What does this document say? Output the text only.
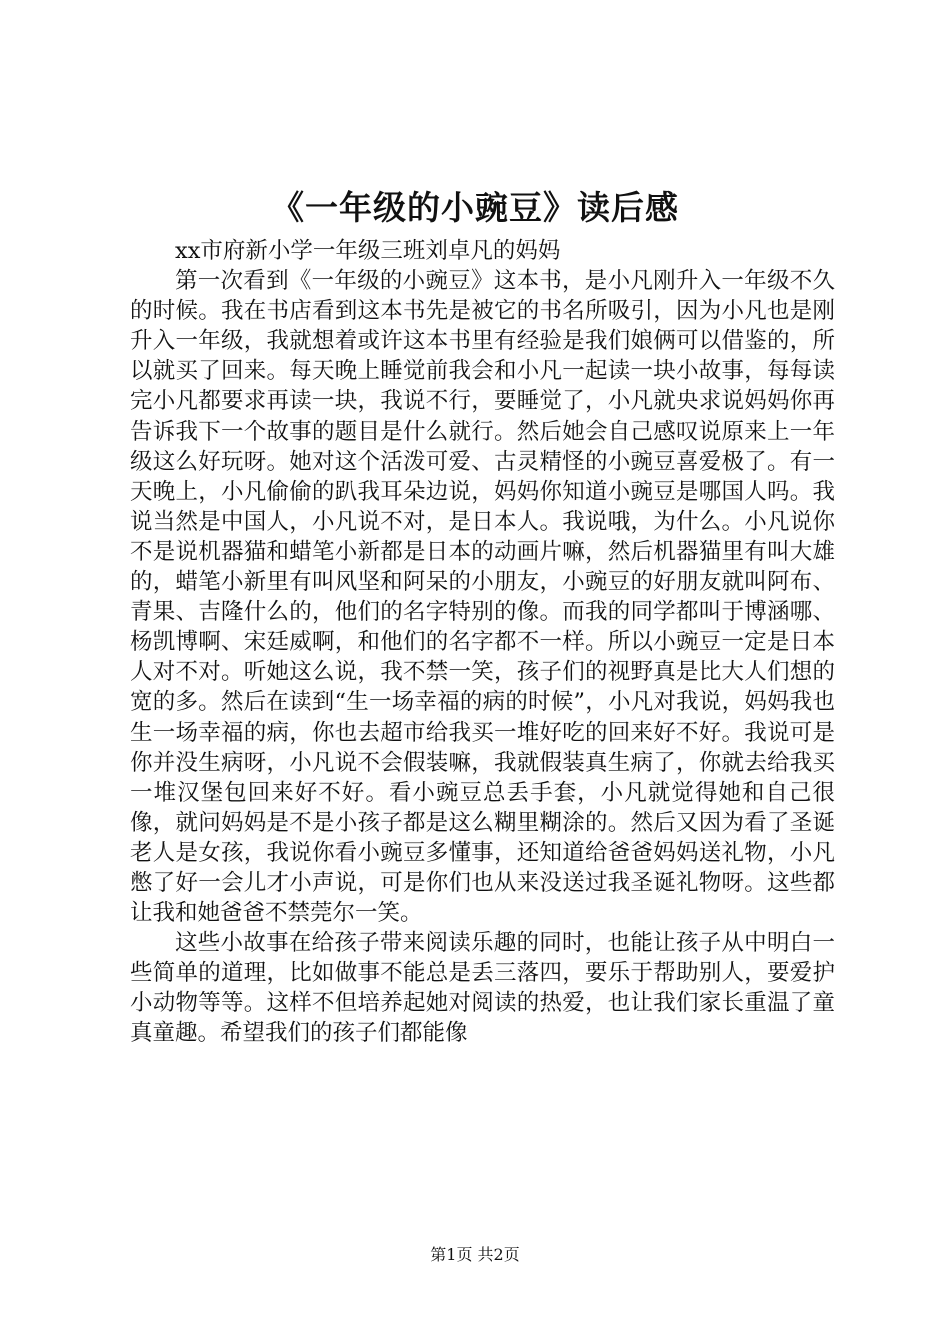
《一年级的小豌豆》读后感

xx市府新小学一年级三班刘卓凡的妈妈

第一次看到《一年级的小豌豆》这本书，是小凡刚升入一年级不久的时候。我在书店看到这本书先是被它的书名所吸引，因为小凡也是刚升入一年级，我就想着或许这本书里有经验是我们娘俩可以借鉴的，所以就买了回来。每天晚上睡觉前我会和小凡一起读一块小故事，每每读完小凡都要求再读一块，我说不行，要睡觉了，小凡就央求说妈妈你再告诉我下一个故事的题目是什么就行。然后她会自己感叹说原来上一年级这么好玩呀。她对这个活泼可爱、古灵精怪的小豌豆喜爱极了。有一天晚上，小凡偷偷的趴我耳朵边说，妈妈你知道小豌豆是哪国人吗。我说当然是中国人，小凡说不对，是日本人。我说哦，为什么。小凡说你不是说机器猫和蜡笔小新都是日本的动画片嘛，然后机器猫里有叫大雄的，蜡笔小新里有叫风坚和阿呆的小朋友，小豌豆的好朋友就叫阿布、青果、吉隆什么的，他们的名字特别的像。而我的同学都叫于博涵哪、杨凯博啊、宋廷威啊，和他们的名字都不一样。所以小豌豆一定是日本人对不对。听她这么说，我不禁一笑，孩子们的视野真是比大人们想的宽的多。然后在读到“生一场幸福的病的时候”，小凡对我说，妈妈我也生一场幸福的病，你也去超市给我买一堆好吃的回来好不好。我说可是你并没生病呀，小凡说不会假装嘛，我就假装真生病了，你就去给我买一堆汉堡包回来好不好。看小豌豆总丢手套，小凡就觉得她和自己很像，就问妈妈是不是小孩子都是这么糊里糊涂的。然后又因为看了圣诞老人是女孩，我说你看小豌豆多懂事，还知道给爸爸妈妈送礼物，小凡憋了好一会儿才小声说，可是你们也从来没送过我圣诞礼物呀。这些都让我和她爸爸不禁莞尔一笑。

这些小故事在给孩子带来阅读乐趣的同时，也能让孩子从中明白一些简单的道理，比如做事不能总是丢三落四，要乐于帮助别人，要爱护小动物等等。这样不但培养起她对阅读的热爱，也让我们家长重温了童真童趣。希望我们的孩子们都能像

第1页 共2页
